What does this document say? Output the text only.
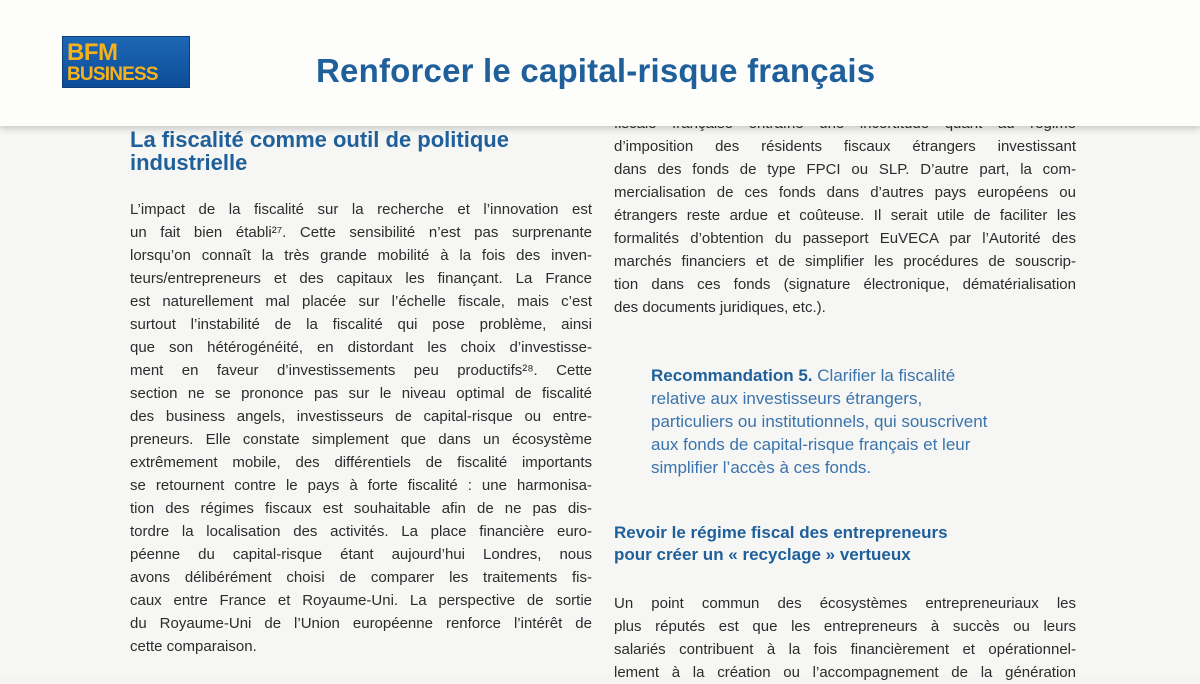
La fiscalité comme outil de politique
industrielle

L’impact de la fiscalité sur la recherche et l’innovation est
un fait bien établi²⁷. Cette sensibilité n’est pas surprenante
lorsqu’on connaît la très grande mobilité à la fois des inven-
teurs/entrepreneurs et des capitaux les finançant. La France
est naturellement mal placée sur l’échelle fiscale, mais c’est
surtout l’instabilité de la fiscalité qui pose problème, ainsi
que son hétérogénéité, en distordant les choix d’investisse-
ment en faveur d’investissements peu productifs²⁸. Cette
section ne se prononce pas sur le niveau optimal de fiscalité
des business angels, investisseurs de capital-risque ou entre-
preneurs. Elle constate simplement que dans un écosystème
extrêmement mobile, des différentiels de fiscalité importants
se retournent contre le pays à forte fiscalité : une harmonisa-
tion des régimes fiscaux est souhaitable afin de ne pas dis-
tordre la localisation des activités. La place financière euro-
péenne du capital-risque étant aujourd’hui Londres, nous
avons délibérément choisi de comparer les traitements fis-
caux entre France et Royaume-Uni. La perspective de sortie
du Royaume-Uni de l’Union européenne renforce l’intérêt de
cette comparaison.

d’imposition des résidents fiscaux étrangers investissant
dans des fonds de type FPCI ou SLP. D’autre part, la com-
mercialisation de ces fonds dans d’autres pays européens ou
étrangers reste ardue et coûteuse. Il serait utile de faciliter les
formalités d’obtention du passeport EuVECA par l’Autorité des
marchés financiers et de simplifier les procédures de souscrip-
tion dans ces fonds (signature électronique, dématérialisation
des documents juridiques, etc.).

Recommandation 5. Clarifier la fiscalité
relative aux investisseurs étrangers,
particuliers ou institutionnels, qui souscrivent
aux fonds de capital-risque français et leur
simplifier l’accès à ces fonds.
Revoir le régime fiscal des entrepreneurs
pour créer un « recyclage » vertueux

Un point commun des écosystèmes entrepreneuriaux les
plus réputés est que les entrepreneurs à succès ou leurs
salariés contribuent à la fois financièrement et opérationnel-
lement à la création ou l’accompagnement de la génération

BFM
BUSINESS	Renforcer le capital-risque français
